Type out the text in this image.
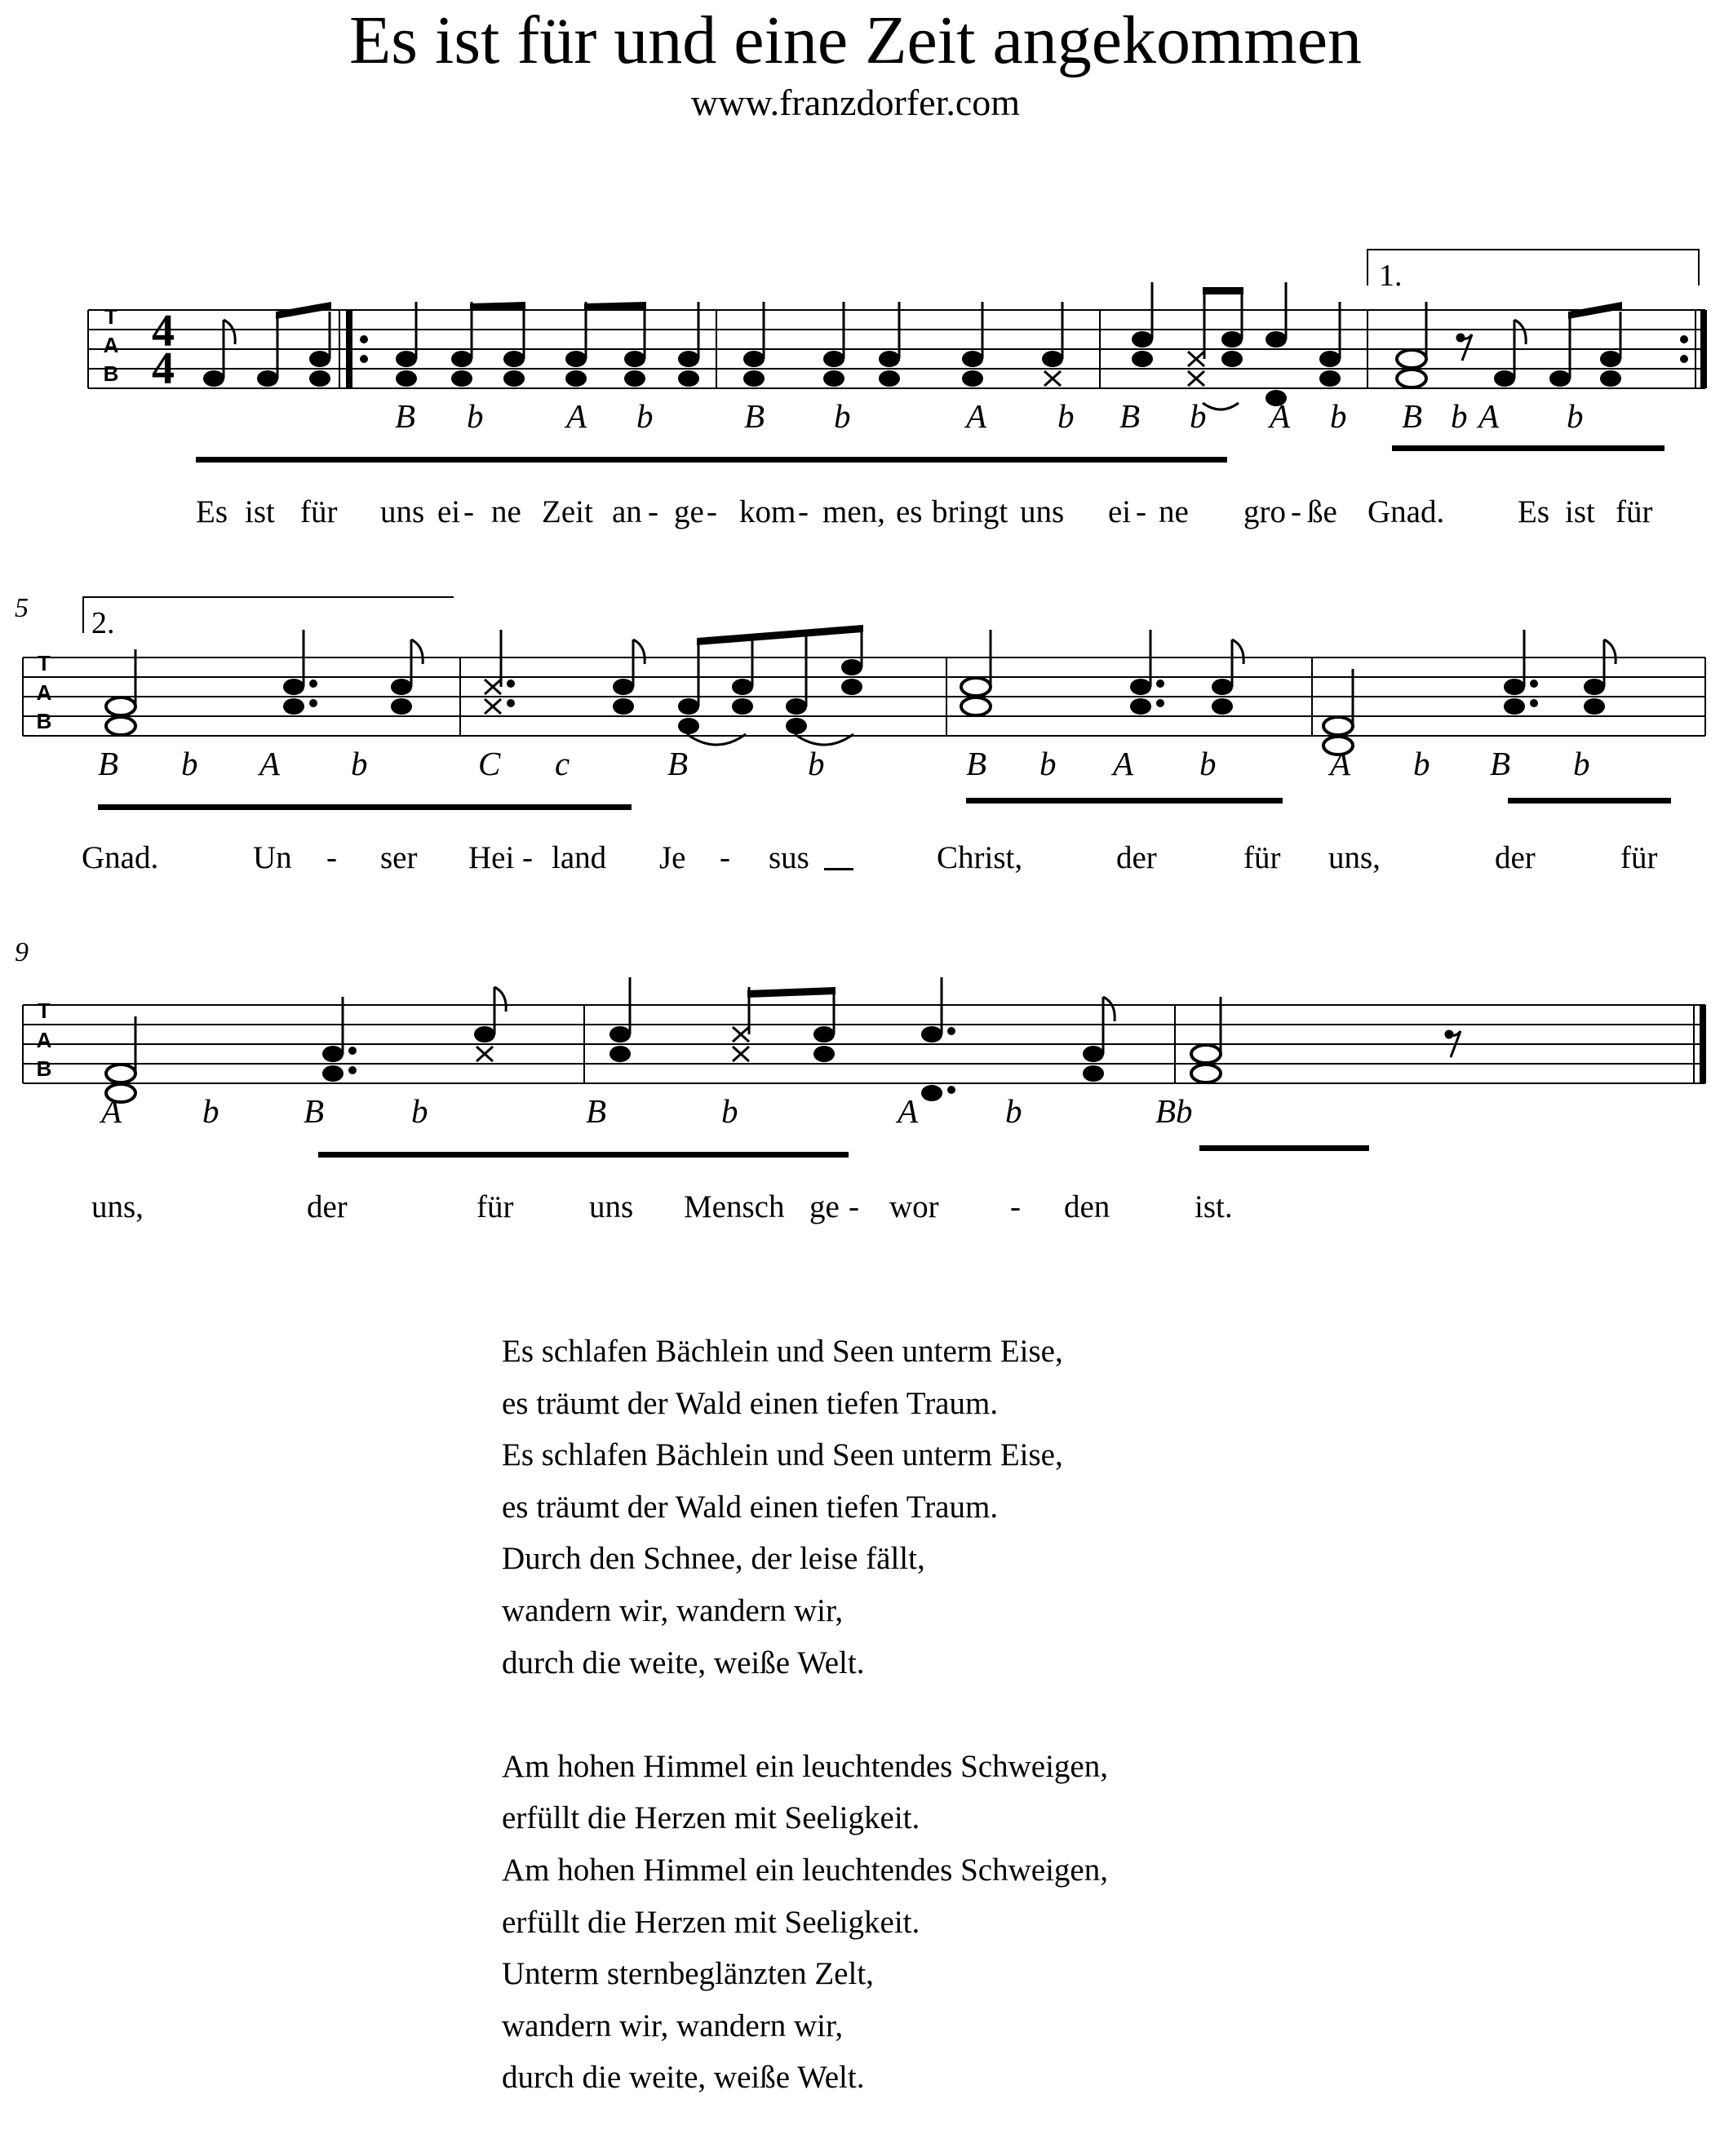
Es ist für und eine Zeit angekommen
www.franzdorfer.com
T
A
B
4
4
1.
5
T
A
B
2.
9
T
A
B
B b A b	B b	A b B b A b B b A b
Es ist für uns ei - ne Zeit an - ge - kom - men, es bringt uns ei - ne gro - ße Gnad. Es ist für
B b A b	C c	B	b	B b A b	A b B b
Gnad.	Un - ser Hei - land Je - sus	Christ,	der	für uns,	der	für
A b	B	b	B	b	A	b	Bb
uns,	der	für uns Mensch ge - wor - den	ist.
Es schlafen Bächlein und Seen unterm Eise,
es träumt der Wald einen tiefen Traum.
Es schlafen Bächlein und Seen unterm Eise,
es träumt der Wald einen tiefen Traum.
Durch den Schnee, der leise fällt,
wandern wir, wandern wir,
durch die weite, weiße Welt.
Am hohen Himmel ein leuchtendes Schweigen,
erfüllt die Herzen mit Seeligkeit.
Am hohen Himmel ein leuchtendes Schweigen,
erfüllt die Herzen mit Seeligkeit.
Unterm sternbeglänzten Zelt,
wandern wir, wandern wir,
durch die weite, weiße Welt.
